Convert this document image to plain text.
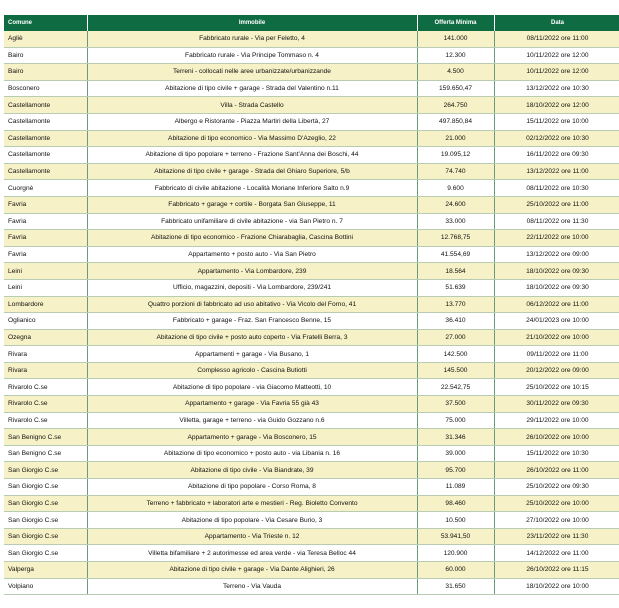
Comune	Immobile	Offerta Minima	Data
Agliè	Fabbricato rurale - Via per Feletto, 4	141.000	08/11/2022 ore 11:00
Bairo	Fabbricato rurale - Via Principe Tommaso n. 4	12.300	10/11/2022 ore 12:00
Bairo	Terreni - collocati nelle aree urbanizzate/urbanizzande	4.500	10/11/2022 ore 12:00
Bosconero	Abitazione di tipo civile + garage - Strada del Valentino n.11	159.650,47	13/12/2022 ore 10:30
Castellamonte	Villa - Strada Castello	264.750	18/10/2022 ore 12:00
Castellamonte	Albergo e Ristorante - Piazza Martiri della Libertà, 27	497.850,84	15/11/2022 ore 10:00
Castellamonte	Abitazione di tipo economico - Via Massimo D'Azeglio, 22	21.000	02/12/2022 ore 10:30
Castellamonte	Abitazione di tipo popolare + terreno - Frazione Sant'Anna dei Boschi, 44	19.095,12	16/11/2022 ore 09:30
Castellamonte	Abitazione di tipo civile + garage - Strada del Ghiaro Superiore, 5/b	74.740	13/12/2022 ore 11:00
Cuorgnè	Fabbricato di civile abitazione - Località Moriane Inferiore Salto n.9	9.600	08/11/2022 ore 10:30
Favria	Fabbricato + garage + cortile - Borgata San Giuseppe, 11	24.600	25/10/2022 ore 11:00
Favria	Fabbricato unifamiliare di civile abitazione - via San Pietro n. 7	33.000	08/11/2022 ore 11:30
Favria	Abitazione di tipo economico - Frazione Chiarabaglia, Cascina Bottini	12.768,75	22/11/2022 ore 10:00
Favria	Appartamento + posto auto - Via San Pietro	41.554,69	13/12/2022 ore 09:00
Leini	Appartamento - Via Lombardore, 239	18.564	18/10/2022 ore 09:30
Leini	Ufficio, magazzini, depositi - Via Lombardore, 239/241	51.639	18/10/2022 ore 09:30
Lombardore	Quattro porzioni di fabbricato ad uso abitativo - Via Vicolo del Forno, 41	13.770	06/12/2022 ore 11:00
Oglianico	Fabbricato + garage - Fraz. San Francesco Benne, 15	36.410	24/01/2023 ore 10:00
Ozegna	Abitazione di tipo civile + posto auto coperto - Via Fratelli Berra, 3	27.000	21/10/2022 ore 10:00
Rivara	Appartamenti + garage - Via Busano, 1	142.500	09/11/2022 ore 11:00
Rivara	Complesso agricolo - Cascina Butiotti	145.500	20/12/2022 ore 09:00
Rivarolo C.se	Abitazione di tipo popolare - via Giacomo Matteotti, 10	22.542,75	25/10/2022 ore 10:15
Rivarolo C.se	Appartamento + garage - Via Favria 55 già 43	37.500	30/11/2022 ore 09:30
Rivarolo C.se	Villetta, garage + terreno - via Guido Gozzano n.6	75.000	29/11/2022 ore 10:00
San Benigno C.se	Appartamento + garage - Via Bosconero, 15	31.346	26/10/2022 ore 10:00
San Benigno C.se	Abitazione di tipo economico + posto auto - via Libania n. 16	39.000	15/11/2022 ore 10:30
San Giorgio C.se	Abitazione di tipo civile - Via Biandrate, 39	95.700	26/10/2022 ore 11:00
San Giorgio C.se	Abitazione di tipo popolare - Corso Roma, 8	11.089	25/10/2022 ore 09:30
San Giorgio C.se	Terreno + fabbricato + laboratori arte e mestieri - Reg. Bioletto Convento	98.460	25/10/2022 ore 10:00
San Giorgio C.se	Abitazione di tipo popolare - Via Cesare Burio, 3	10.500	27/10/2022 ore 10:00
San Giorgio C.se	Appartamento - Via Trieste n. 12	53.941,50	23/11/2022 ore 11:30
San Giorgio C.se	Villetta bifamiliare + 2 autorimesse ed area verde - via Teresa Belloc 44	120.900	14/12/2022 ore 11:00
Valperga	Abitazione di tipo civile + garage - Via Dante Alighieri, 26	60.000	26/10/2022 ore 11:15
Volpiano	Terreno - Via Vauda	31.650	18/10/2022 ore 10:00
